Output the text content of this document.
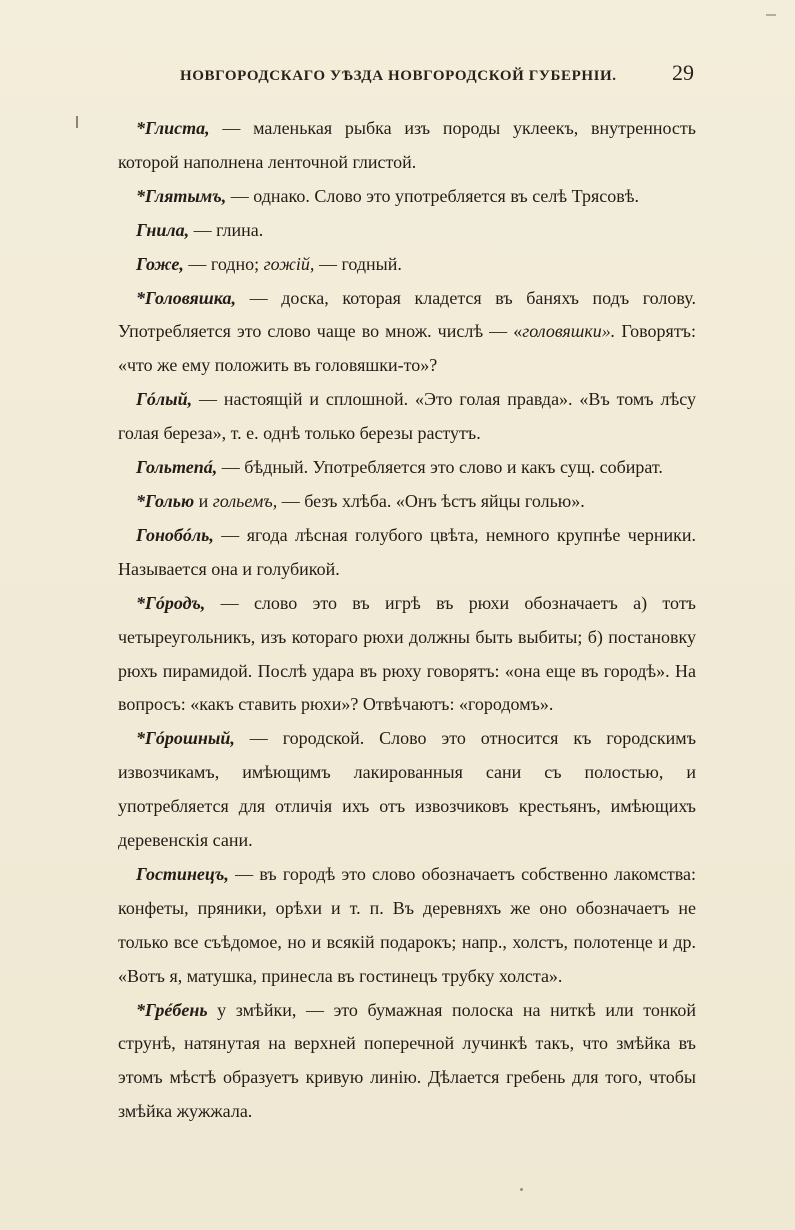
НОВГОРОДСКАГО УѢЗДА НОВГОРОДСКОЙ ГУБЕРНІИ.	29

 *Глиста, — маленькая рыбка изъ породы уклеекъ, внутренность которой наполнена ленточной глистой.

 *Глятымъ, — однако. Слово это употребляется въ селѣ Трясовѣ.

 Гнила, — глина.

 Гоже, — годно; гожій, — годный.

 *Головяшка, — доска, которая кладется въ баняхъ подъ голову. Употребляется это слово чаще во множ. числѣ — «головяшки». Говорятъ: «что же ему положить въ головяшки-то»?

 Гóлый, — настоящій и сплошной. «Это голая правда». «Въ томъ лѣсу голая береза», т. е. однѣ только березы растутъ.

 Гольтепá, — бѣдный. Употребляется это слово и какъ сущ. собират.

 *Голью и гольемъ, — безъ хлѣба. «Онъ ѣстъ яйцы голью».

 Гонобóль, — ягода лѣсная голубого цвѣта, немного крупнѣе черники. Называется она и голубикой.

 *Гóродъ, — слово это въ игрѣ въ рюхи обозначаетъ а) тотъ четыреугольникъ, изъ котораго рюхи должны быть выбиты; б) постановку рюхъ пирамидой. Послѣ удара въ рюху говорятъ: «она еще въ городѣ». На вопросъ: «какъ ставить рюхи»? Отвѣчаютъ: «городомъ».

 *Гóрошный, — городской. Слово это относится къ городскимъ извозчикамъ, имѣющимъ лакированныя сани съ полостью, и употребляется для отличія ихъ отъ извозчиковъ крестьянъ, имѣющихъ деревенскія сани.

 Гостинецъ, — въ городѣ это слово обозначаетъ собственно лакомства: конфеты, пряники, орѣхи и т. п. Въ деревняхъ же оно обозначаетъ не только все съѣдомое, но и всякій подарокъ; напр., холстъ, полотенце и др. «Вотъ я, матушка, принесла въ гостинецъ трубку холста».

 *Грéбень у змѣйки, — это бумажная полоска на ниткѣ или тонкой струнѣ, натянутая на верхней поперечной лучинкѣ такъ, что змѣйка въ этомъ мѣстѣ образуетъ кривую линію. Дѣлается гребень для того, чтобы змѣйка жужжала.
